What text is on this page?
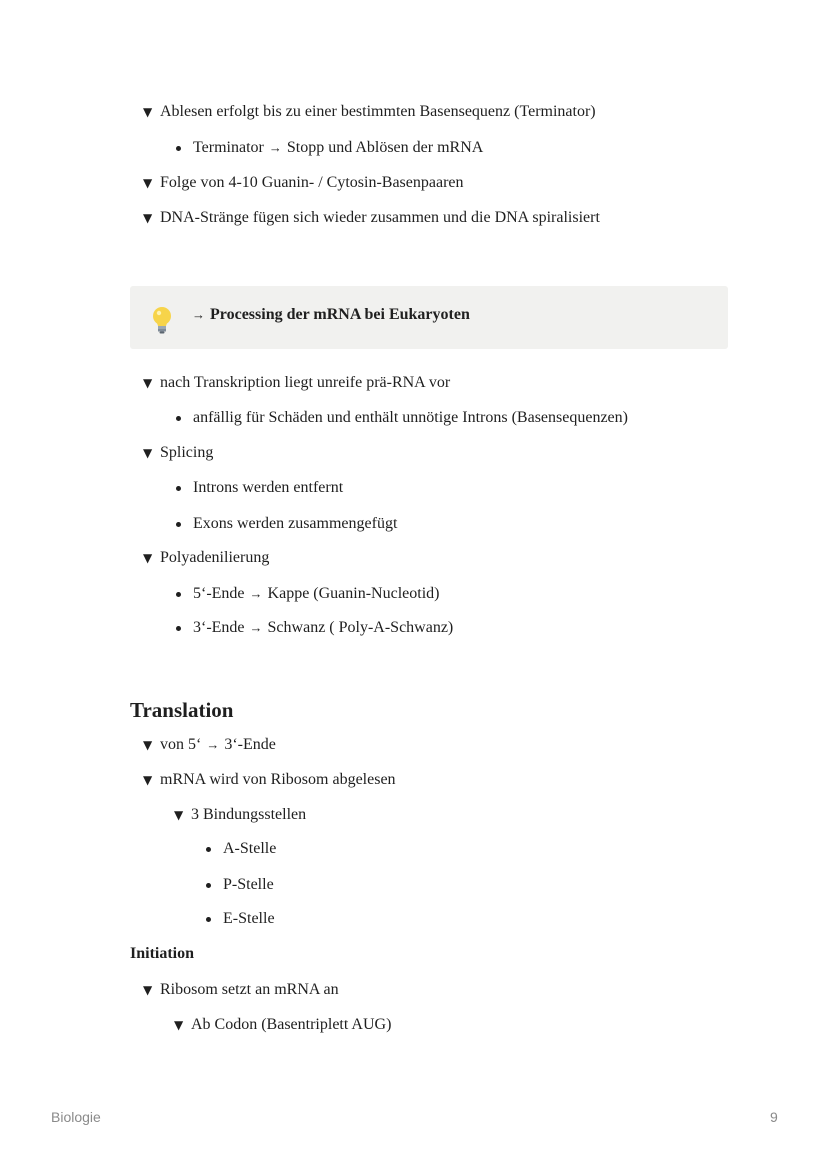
▼ Ablesen erfolgt bis zu einer bestimmten Basensequenz (Terminator)
Terminator
→
Stopp und Ablösen der mRNA
▼ Folge von 4-10 Guanin- / Cytosin-Basenpaaren
▼ DNA-Stränge fügen sich wieder zusammen und die DNA spiralisiert
→ Processing der mRNA bei Eukaryoten
▼ nach Transkription liegt unreife prä-RNA vor
anfällig für Schäden und enthält unnötige Introns (Basensequenzen)
▼ Splicing
Introns werden entfernt
Exons werden zusammengefügt
▼ Polyadenilierung
5‘-Ende
→
Kappe (Guanin-Nucleotid)
3‘-Ende
→
Schwanz ( Poly-A-Schwanz)
Translation
▼ von 5‘
→
3‘-Ende
▼ mRNA wird von Ribosom abgelesen
▼ 3 Bindungsstellen
A-Stelle
P-Stelle
E-Stelle
Initiation
▼ Ribosom setzt an mRNA an
▼ Ab Codon (Basentriplett AUG)
Biologie	9
